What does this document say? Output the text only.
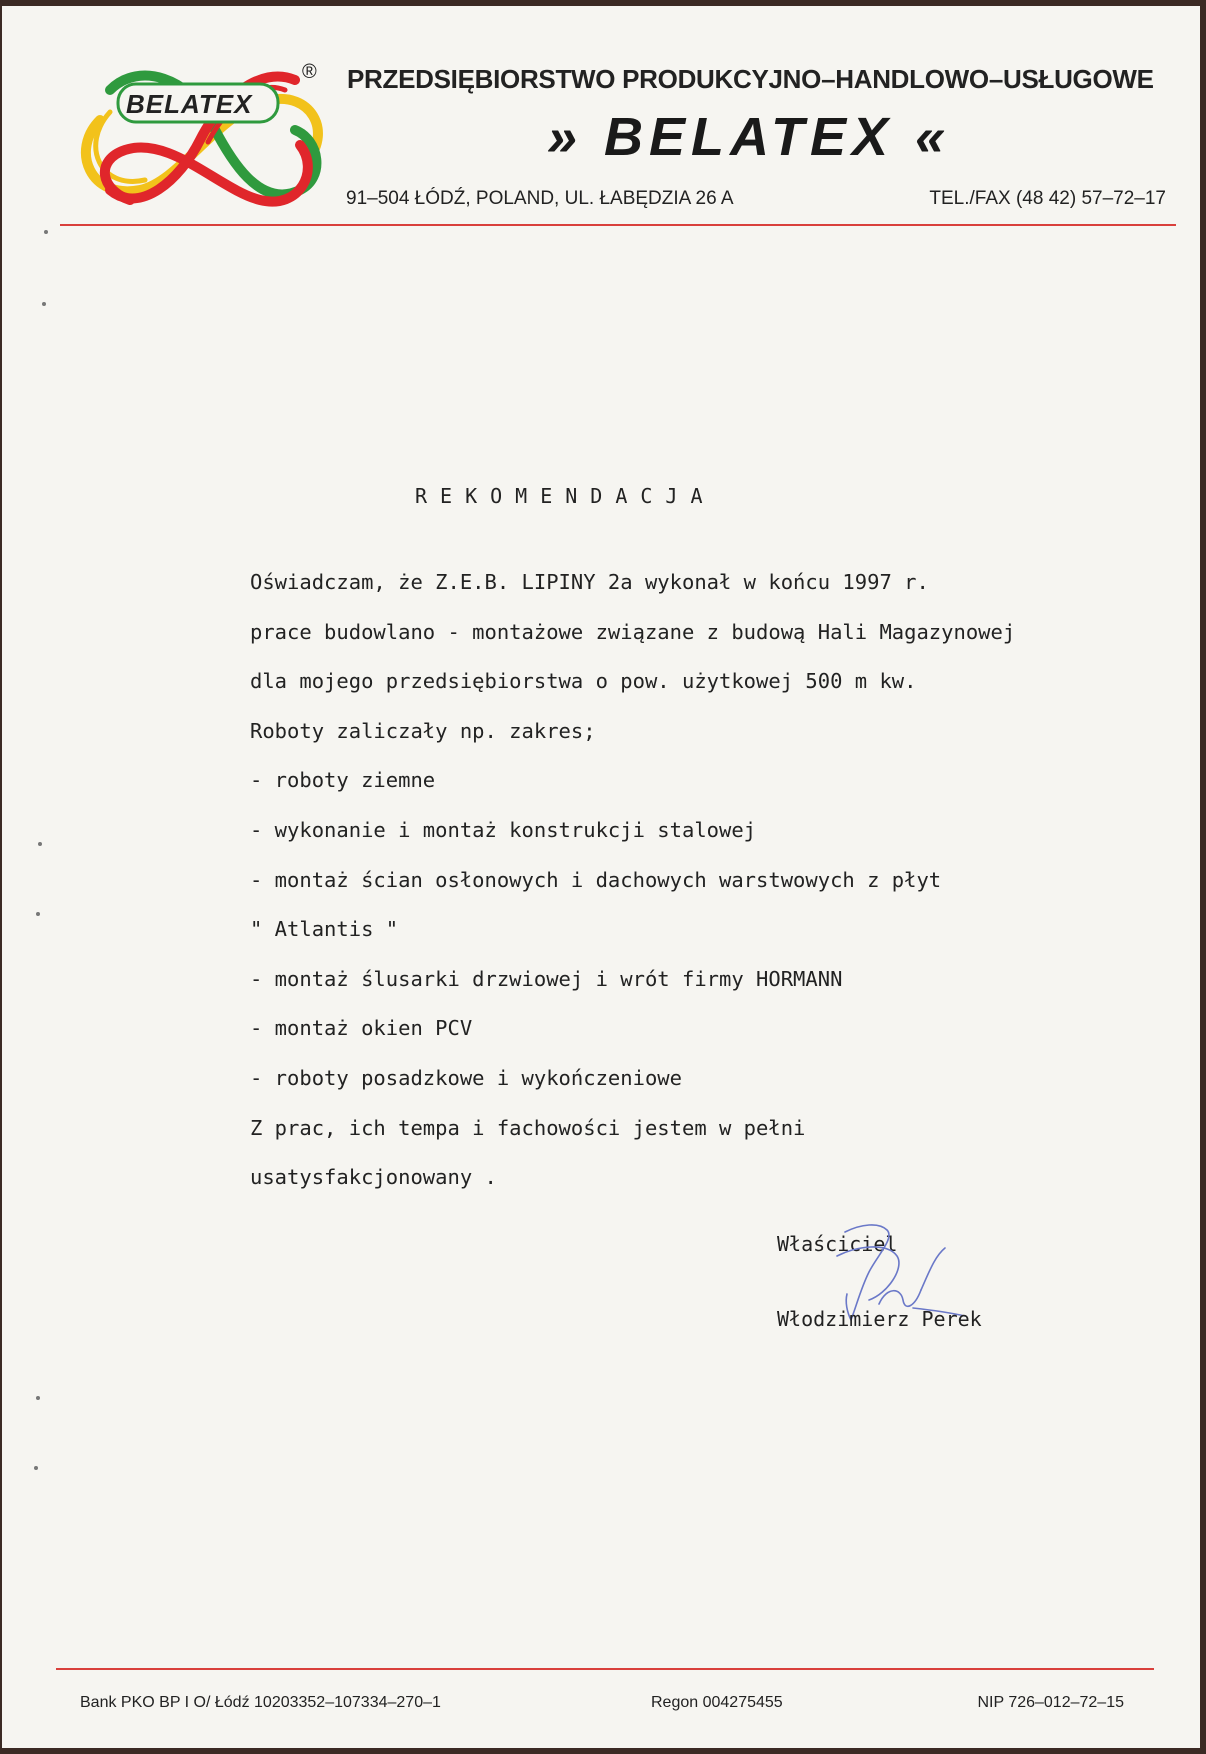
BELATEX
® PRZEDSIĘBIORSTWO PRODUKCYJNO–HANDLOWO–USŁUGOWE
» BELATEX «
91–504 ŁÓDŹ, POLAND, UL. ŁABĘDZIA 26 A	TEL./FAX (48 42) 57–72–17
REKOMENDACJA
Oświadczam, że Z.E.B. LIPINY 2a wykonał w końcu 1997 r.
prace budowlano - montażowe związane z budową Hali Magazynowej
dla mojego przedsiębiorstwa o pow. użytkowej 500 m kw.
Roboty zaliczały np. zakres;
- roboty ziemne
- wykonanie i montaż konstrukcji stalowej
- montaż ścian osłonowych i dachowych warstwowych z płyt
" Atlantis "
- montaż ślusarki drzwiowej i wrót firmy HORMANN
- montaż okien PCV
- roboty posadzkowe i wykończeniowe
Z prac, ich tempa i fachowości jestem w pełni
usatysfakcjonowany .
Właściciel
Włodzimierz Perek
Bank PKO BP I O/ Łódź 10203352–107334–270–1	Regon 004275455	NIP 726–012–72–15
